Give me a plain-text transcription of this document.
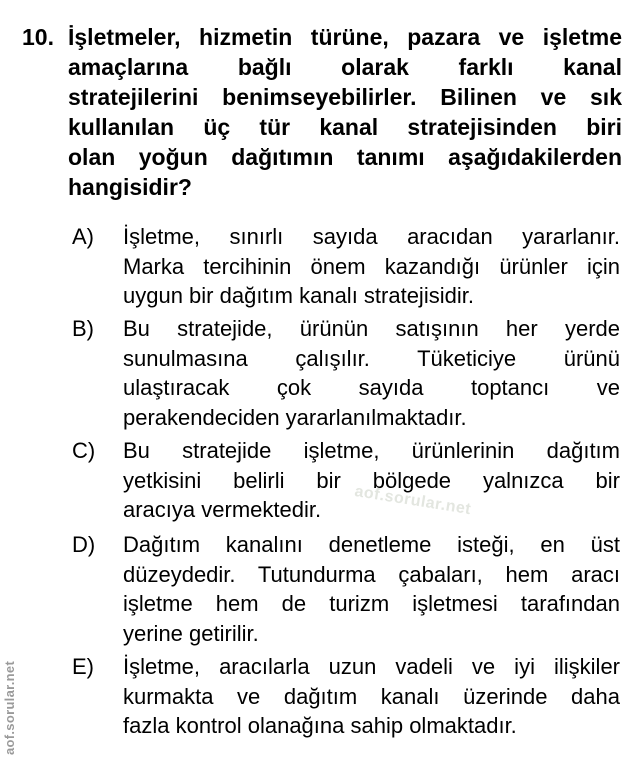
10. İşletmeler, hizmetin türüne, pazara ve işletme
amaçlarına bağlı olarak farklı kanal
stratejilerini benimseyebilirler. Bilinen ve sık
kullanılan üç tür kanal stratejisinden biri
olan yoğun dağıtımın tanımı aşağıdakilerden
hangisidir?
A) İşletme, sınırlı sayıda aracıdan yararlanır.
Marka tercihinin önem kazandığı ürünler için
uygun bir dağıtım kanalı stratejisidir.
B) Bu stratejide, ürünün satışının her yerde
sunulmasına çalışılır. Tüketiciye ürünü
ulaştıracak çok sayıda toptancı ve
perakendeciden yararlanılmaktadır.
C) Bu stratejide işletme, ürünlerinin dağıtım
yetkisini belirli bir bölgede yalnızca bir
aracıya vermektedir.
D) Dağıtım kanalını denetleme isteği, en üst
düzeydedir. Tutundurma çabaları, hem aracı
işletme hem de turizm işletmesi tarafından
yerine getirilir.
E) İşletme, aracılarla uzun vadeli ve iyi ilişkiler
kurmakta ve dağıtım kanalı üzerinde daha
fazla kontrol olanağına sahip olmaktadır.
aof.sorular.net
aof.sorular.net
